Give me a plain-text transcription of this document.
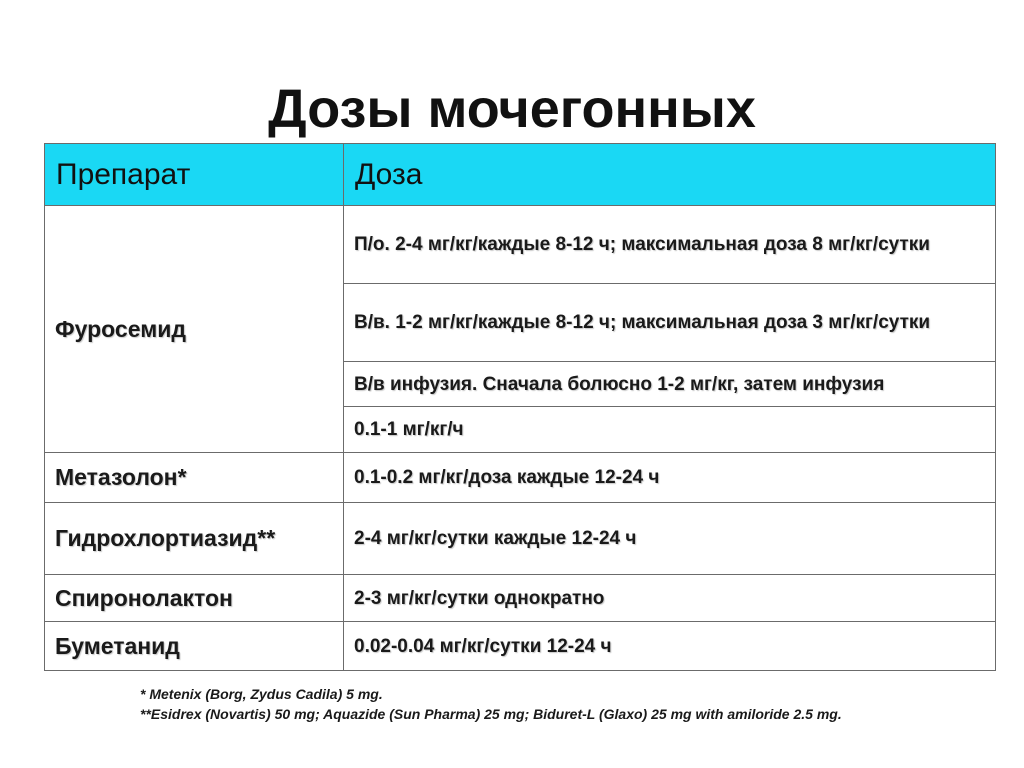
Дозы мочегонных
Препарат	Доза
Фуросемид	П/о. 2-4 мг/кг/каждые 8-12 ч; максимальная доза 8 мг/кг/сутки
	В/в. 1-2 мг/кг/каждые 8-12 ч; максимальная доза 3 мг/кг/сутки
	В/в инфузия. Сначала болюсно 1-2 мг/кг, затем инфузия
	0.1-1 мг/кг/ч
Метазолон*	0.1-0.2 мг/кг/доза каждые 12-24 ч
Гидрохлортиазид**	2-4 мг/кг/сутки каждые 12-24 ч
Спиронолактон	2-3 мг/кг/сутки однократно
Буметанид	0.02-0.04 мг/кг/сутки 12-24 ч
* Metenix (Borg, Zydus Cadila) 5 mg.
**Esidrex (Novartis) 50 mg; Aquazide (Sun Pharma) 25 mg; Biduret-L (Glaxo) 25 mg with amiloride 2.5 mg.
